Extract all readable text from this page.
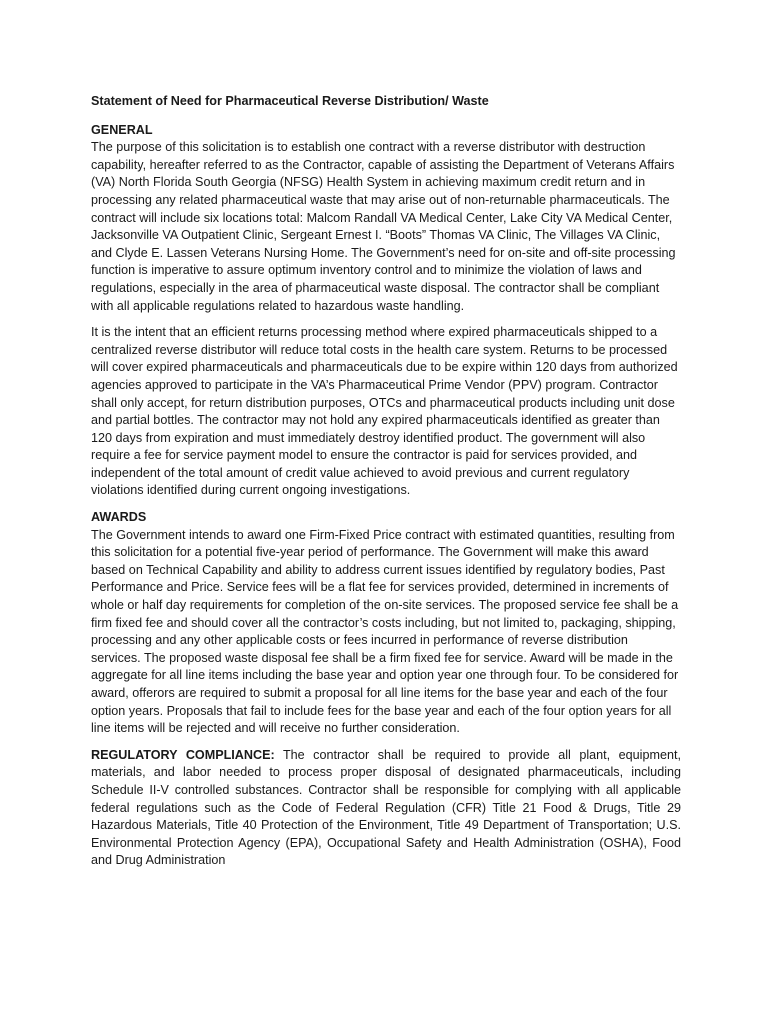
Statement of Need for Pharmaceutical Reverse Distribution/ Waste

GENERAL

The purpose of this solicitation is to establish one contract with a reverse distributor with destruction capability, hereafter referred to as the Contractor, capable of assisting the Department of Veterans Affairs (VA) North Florida South Georgia (NFSG) Health System in achieving maximum credit return and in processing any related pharmaceutical waste that may arise out of non-returnable pharmaceuticals. The contract will include six locations total: Malcom Randall VA Medical Center, Lake City VA Medical Center, Jacksonville VA Outpatient Clinic, Sergeant Ernest I. “Boots” Thomas VA Clinic, The Villages VA Clinic, and Clyde E. Lassen Veterans Nursing Home. The Government’s need for on-site and off-site processing function is imperative to assure optimum inventory control and to minimize the violation of laws and regulations, especially in the area of pharmaceutical waste disposal. The contractor shall be compliant with all applicable regulations related to hazardous waste handling.

It is the intent that an efficient returns processing method where expired pharmaceuticals shipped to a centralized reverse distributor will reduce total costs in the health care system. Returns to be processed will cover expired pharmaceuticals and pharmaceuticals due to be expire within 120 days from authorized agencies approved to participate in the VA’s Pharmaceutical Prime Vendor (PPV) program. Contractor shall only accept, for return distribution purposes, OTCs and pharmaceutical products including unit dose and partial bottles. The contractor may not hold any expired pharmaceuticals identified as greater than 120 days from expiration and must immediately destroy identified product. The government will also require a fee for service payment model to ensure the contractor is paid for services provided, and independent of the total amount of credit value achieved to avoid previous and current regulatory violations identified during current ongoing investigations.

AWARDS

The Government intends to award one Firm-Fixed Price contract with estimated quantities, resulting from this solicitation for a potential five-year period of performance. The Government will make this award based on Technical Capability and ability to address current issues identified by regulatory bodies, Past Performance and Price. Service fees will be a flat fee for services provided, determined in increments of whole or half day requirements for completion of the on-site services. The proposed service fee shall be a firm fixed fee and should cover all the contractor’s costs including, but not limited to, packaging, shipping, processing and any other applicable costs or fees incurred in performance of reverse distribution services. The proposed waste disposal fee shall be a firm fixed fee for service. Award will be made in the aggregate for all line items including the base year and option year one through four. To be considered for award, offerors are required to submit a proposal for all line items for the base year and each of the four option years. Proposals that fail to include fees for the base year and each of the four option years for all line items will be rejected and will receive no further consideration.

REGULATORY COMPLIANCE: The contractor shall be required to provide all plant, equipment, materials, and labor needed to process proper disposal of designated pharmaceuticals, including Schedule II-V controlled substances. Contractor shall be responsible for complying with all applicable federal regulations such as the Code of Federal Regulation (CFR) Title 21 Food & Drugs, Title 29 Hazardous Materials, Title 40 Protection of the Environment, Title 49 Department of Transportation; U.S. Environmental Protection Agency (EPA), Occupational Safety and Health Administration (OSHA), Food and Drug Administration
